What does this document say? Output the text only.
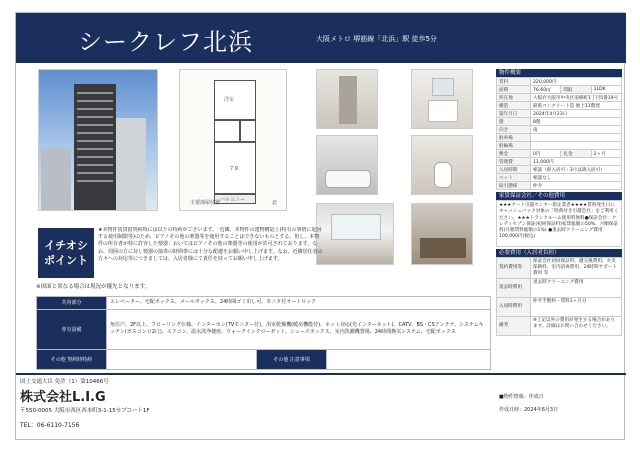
シークレフ北浜	大阪メトロ 堺筋線「北浜」駅 徒歩5分
洋室
7.9
バルコニー
主要部屋位置	北
イチオシ
ポイント
★本物件賃貸借契約時には以下の特約がございます。「近隣、本物件の建物構造上(特有の事情に起因する使用制限等)のため、ピアノその他の楽器等を使用することはできないものとする。但し、本物件の所有者が特に許容した楽器」おいてはピアノその他の楽器等の使用が許可されております。なお、周囲の方に対し楽器の演奏の時間帯には十分な配慮をお願い申し上げます。なお、近隣居住者の方々への対応等につきましては、入居者様にて責任を持ってお願い申し上げます。
※図面と異なる場合は現況が優先となります。
共用部分	エレベーター、宅配ボックス、メールボックス、24時間ゴミ出し可、モニタ付オートロック		
専有設備	角住戸、2F以上、フローリング仕様、インターホン(TVモニター付)、浴室乾燥機(暖房機能付)、ネット対応(光インターネット)、CATV、BS・CSアンテナ、システムキッチン(ガスコンロ2口)、エアコン、温水洗浄便座、ウォークインクローゼット、シューズボックス、室内洗濯機置場、24時間換気システム、宅配ボックス		
その他 契約時特約		その他 注意事項	
物件概要
賃料	220,000円		
面積	76.60㎡	間取	1LDK
所在地	大阪府大阪市中央区道修町1丁目5番19号		
構造	鉄筋コンクリート造 地上11階建		
築年月日	2024年4月23日		
階	8階		
向き	南		
駐車場			
駐輪場			
敷金	0円	礼金	2ヶ月
管理費	11,000円		
入居時期	相談（即入居可・3月以降入居可）		
ペット	相談なし		
取引態様	仲介		
家賃保証会社／その他費用
★★★アート引越センター指定業者★★★★賃料発生日にキャッシュバック対象の「特典付き引越会社」をご利用ください。★★★トランクルーム使用料無料●保証会社：クレディセゾン保証(初回保証料)家賃総額の50%、月額保証料(月額賃料総額の1%) ●退去時クリーニング費用：100,000円(税込)
必要費用（入居者負担）
契約費用等	保証会社初回保証料、鍵交換費用、火災保険料、室内消毒費用、24時間サポート費用 等
退去時費用	退去時クリーニング費用
入居時費用	仲介手数料・賃料1ヶ月分
備考	※上記以外の費用が発生する場合があります。詳細はお問い合わせください。
国土交通大臣 免許（1）第10466号
株式会社L.I.G
〒550-0005 大阪市西区西本町3-1-15セブコート1F
TEL：06-6110-7156
■物件情報：作成日
作成日時：2024年6月3日
